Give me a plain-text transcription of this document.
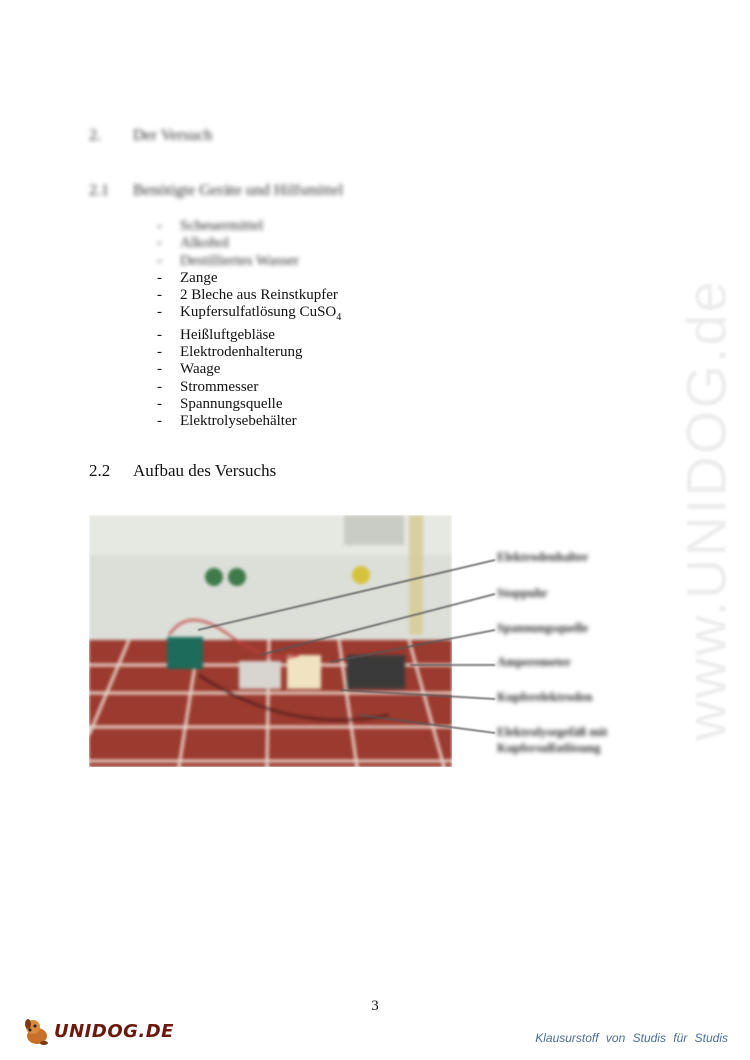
2. Der Versuch
2.1 Benötigte Geräte und Hilfsmittel
- Scheuermittel
- Alkohol
- Destilliertes Wasser
- Zange
- 2 Bleche aus Reinstkupfer
- Kupfersulfatlösung CuSO$_4$
- Heißluftgebläse
- Elektrodenhalterung
- Waage
- Strommesser
- Spannungsquelle
- Elektrolysebehälter
2.2 Aufbau des Versuchs
Elektrodenhalter
Stoppuhr
Spannungsquelle
Amperemeter
Kupferelektroden
Elektrolysegefäß mit
Kupfersulfatlösung
www.UNIDOG.de
3
UNIDOG.DE	Klausurstoff von Studis für Studis
